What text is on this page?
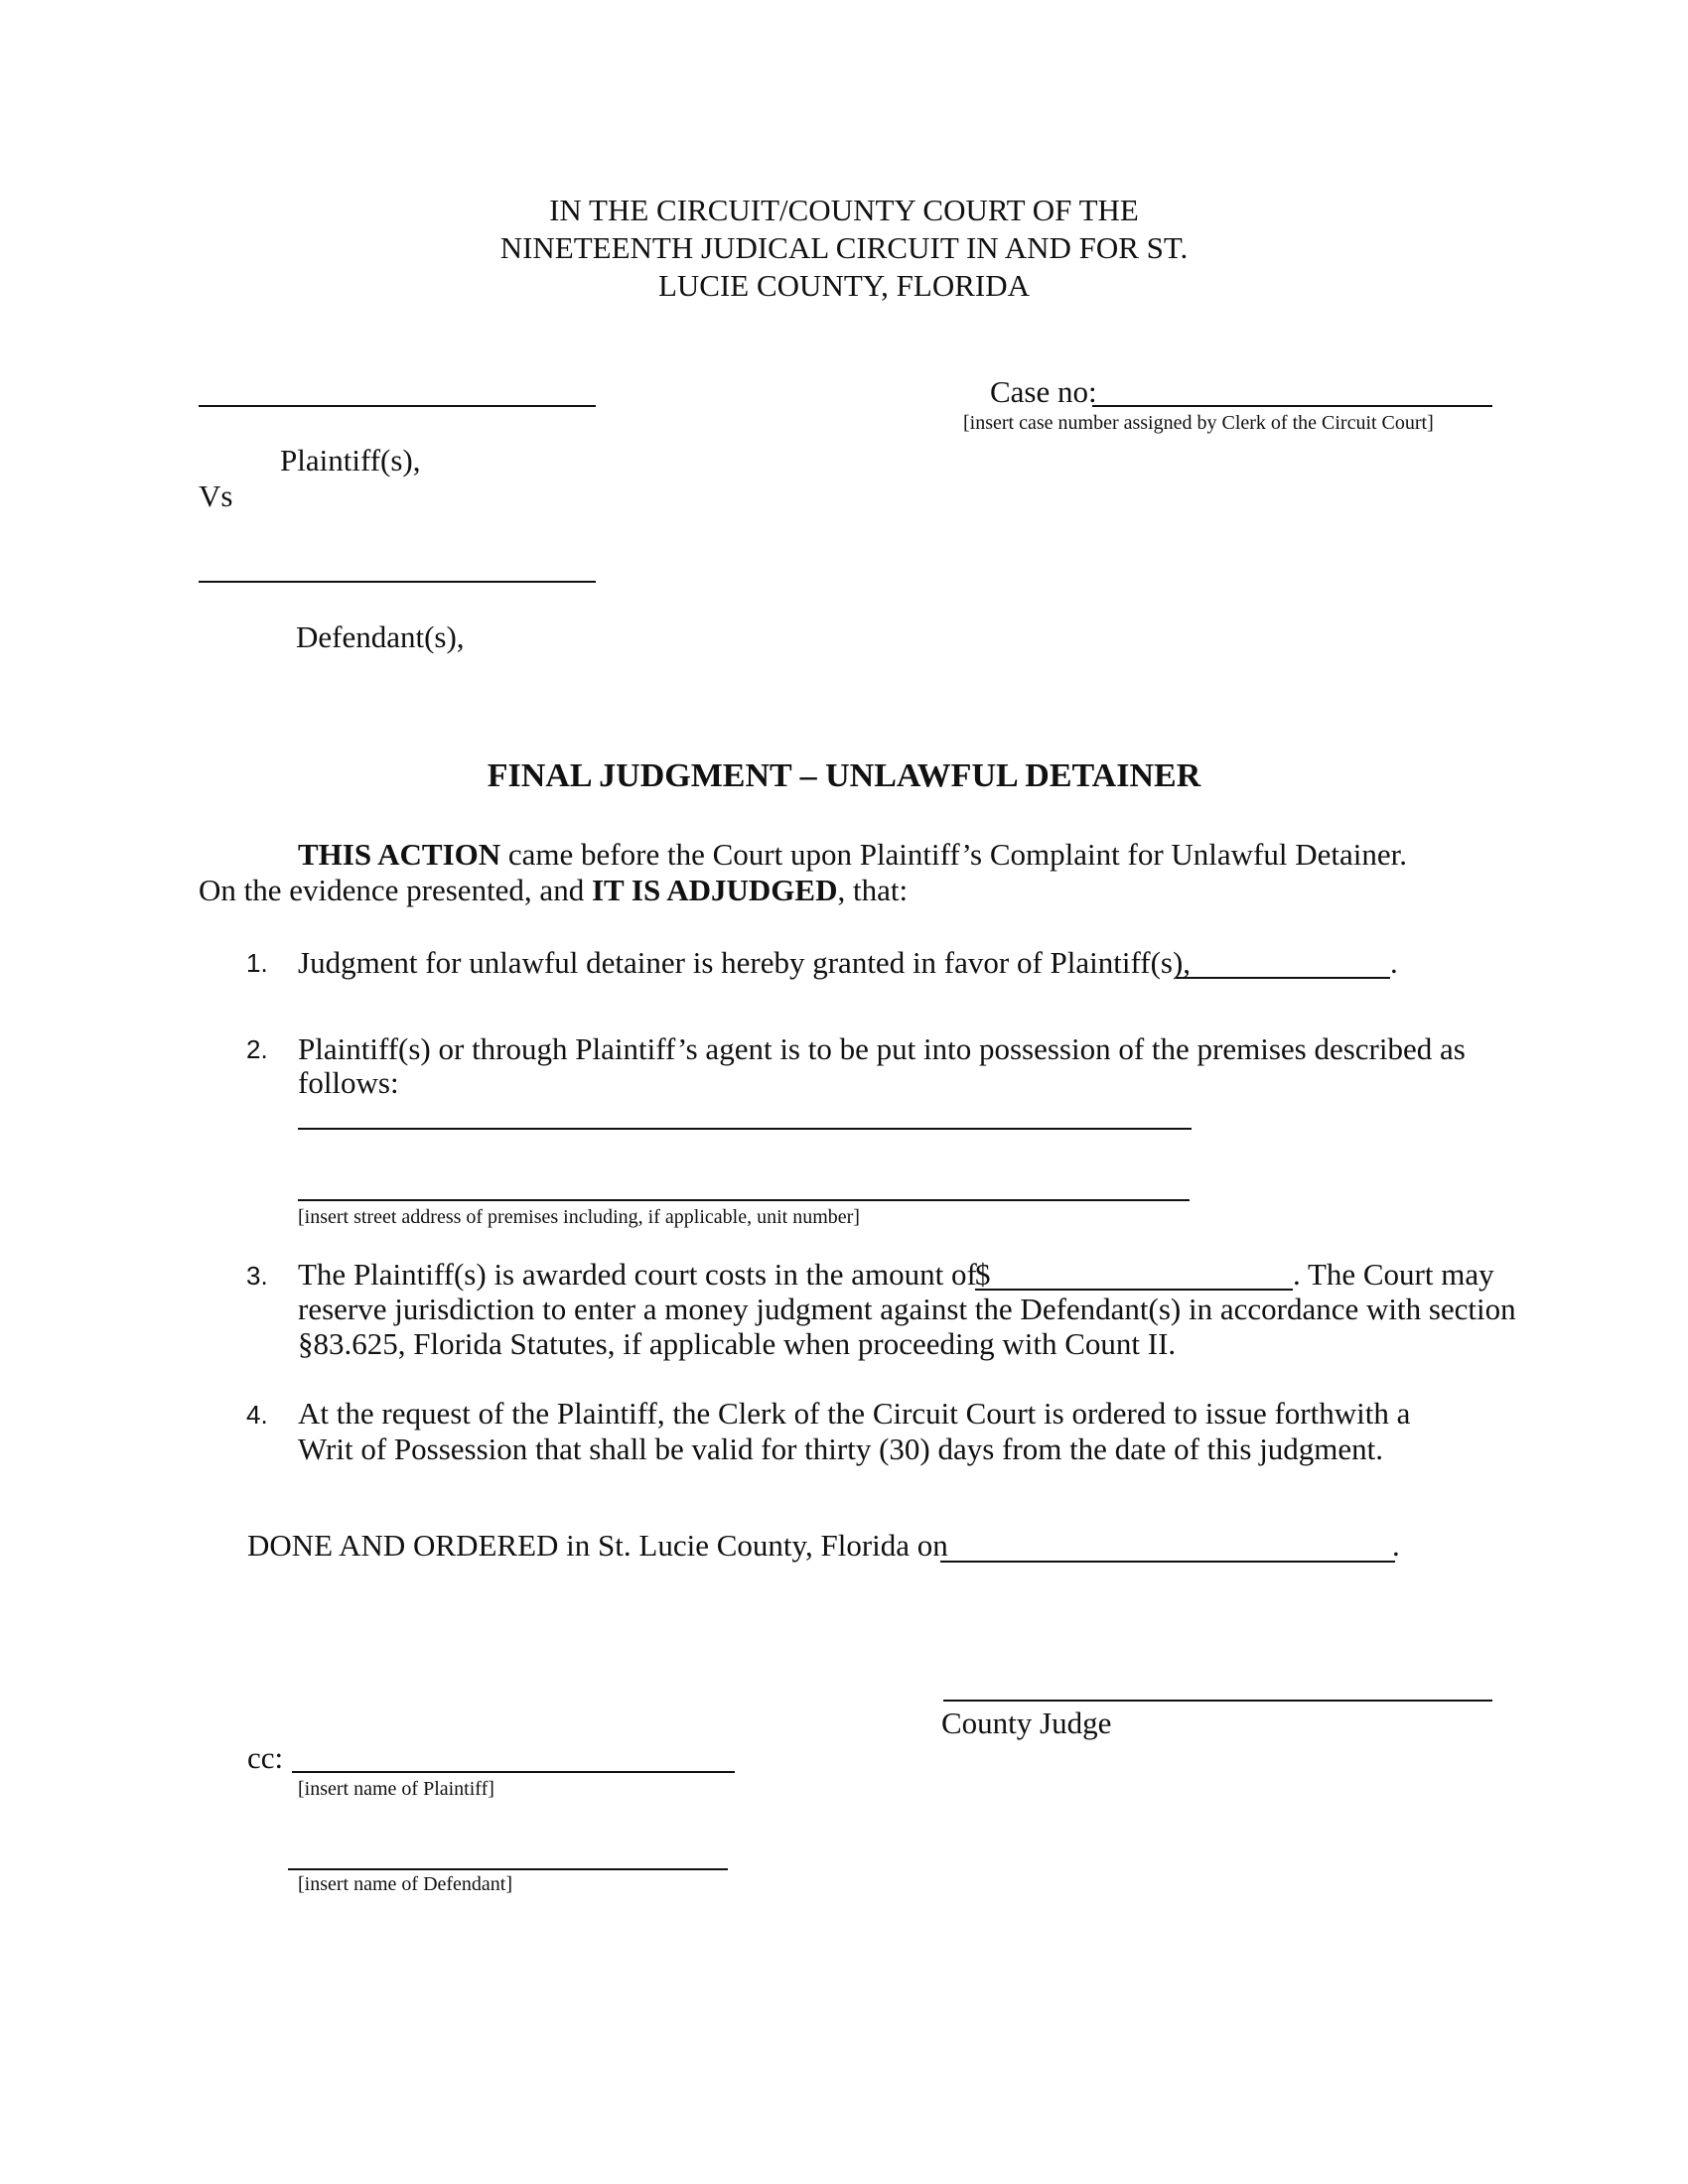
IN THE CIRCUIT/COUNTY COURT OF THE
NINETEENTH JUDICAL CIRCUIT IN AND FOR ST.
LUCIE COUNTY, FLORIDA
Case no:
[insert case number assigned by Clerk of the Circuit Court]
Plaintiff(s),
Vs
Defendant(s),
FINAL JUDGMENT – UNLAWFUL DETAINER
THIS ACTION came before the Court upon Plaintiff’s Complaint for Unlawful Detainer.
On the evidence presented, and IT IS ADJUDGED, that:
1. Judgment for unlawful detainer is hereby granted in favor of Plaintiff(s),	.
2. Plaintiff(s) or through Plaintiff’s agent is to be put into possession of the premises described as
follows:
[insert street address of premises including, if applicable, unit number]
3. The Plaintiff(s) is awarded court costs in the amount of
$	. The Court may
reserve jurisdiction to enter a money judgment against the Defendant(s) in accordance with section
§83.625, Florida Statutes, if applicable when proceeding with Count II.
4. At the request of the Plaintiff, the Clerk of the Circuit Court is ordered to issue forthwith a
Writ of Possession that shall be valid for thirty (30) days from the date of this judgment.
DONE AND ORDERED in St. Lucie County, Florida on	.
County Judge
cc:
[insert name of Plaintiff]
[insert name of Defendant]
